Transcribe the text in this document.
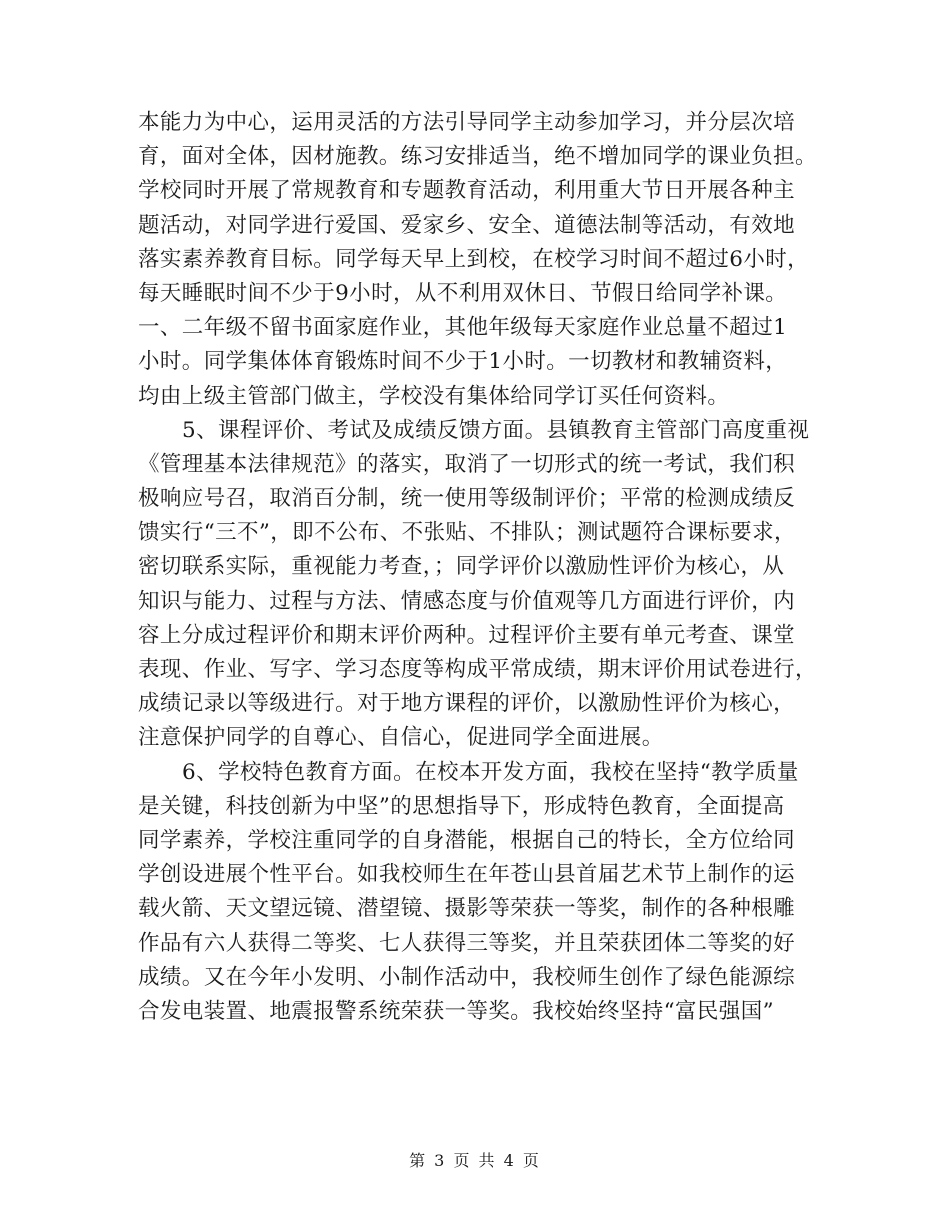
本能力为中心，运用灵活的方法引导同学主动参加学习，并分层次培
育，面对全体，因材施教。练习安排适当，绝不增加同学的课业负担。
学校同时开展了常规教育和专题教育活动，利用重大节日开展各种主
题活动，对同学进行爱国、爱家乡、安全、道德法制等活动，有效地
落实素养教育目标。同学每天早上到校，在校学习时间不超过6小时，
每天睡眠时间不少于9小时，从不利用双休日、节假日给同学补课。
一、二年级不留书面家庭作业，其他年级每天家庭作业总量不超过1
小时。同学集体体育锻炼时间不少于1小时。一切教材和教辅资料，
均由上级主管部门做主，学校没有集体给同学订买任何资料。
5、课程评价、考试及成绩反馈方面。县镇教育主管部门高度重视
《管理基本法律规范》的落实，取消了一切形式的统一考试，我们积
极响应号召，取消百分制，统一使用等级制评价；平常的检测成绩反
馈实行“三不”，即不公布、不张贴、不排队；测试题符合课标要求，
密切联系实际，重视能力考查，；同学评价以激励性评价为核心，从
知识与能力、过程与方法、情感态度与价值观等几方面进行评价，内
容上分成过程评价和期末评价两种。过程评价主要有单元考查、课堂
表现、作业、写字、学习态度等构成平常成绩，期末评价用试卷进行，
成绩记录以等级进行。对于地方课程的评价，以激励性评价为核心，
注意保护同学的自尊心、自信心，促进同学全面进展。
6、学校特色教育方面。在校本开发方面，我校在坚持“教学质量
是关键，科技创新为中坚”的思想指导下，形成特色教育，全面提高
同学素养，学校注重同学的自身潜能，根据自己的特长，全方位给同
学创设进展个性平台。如我校师生在年苍山县首届艺术节上制作的运
载火箭、天文望远镜、潜望镜、摄影等荣获一等奖，制作的各种根雕
作品有六人获得二等奖、七人获得三等奖，并且荣获团体二等奖的好
成绩。又在今年小发明、小制作活动中，我校师生创作了绿色能源综
合发电装置、地震报警系统荣获一等奖。我校始终坚持“富民强国”
第 3 页 共 4 页
